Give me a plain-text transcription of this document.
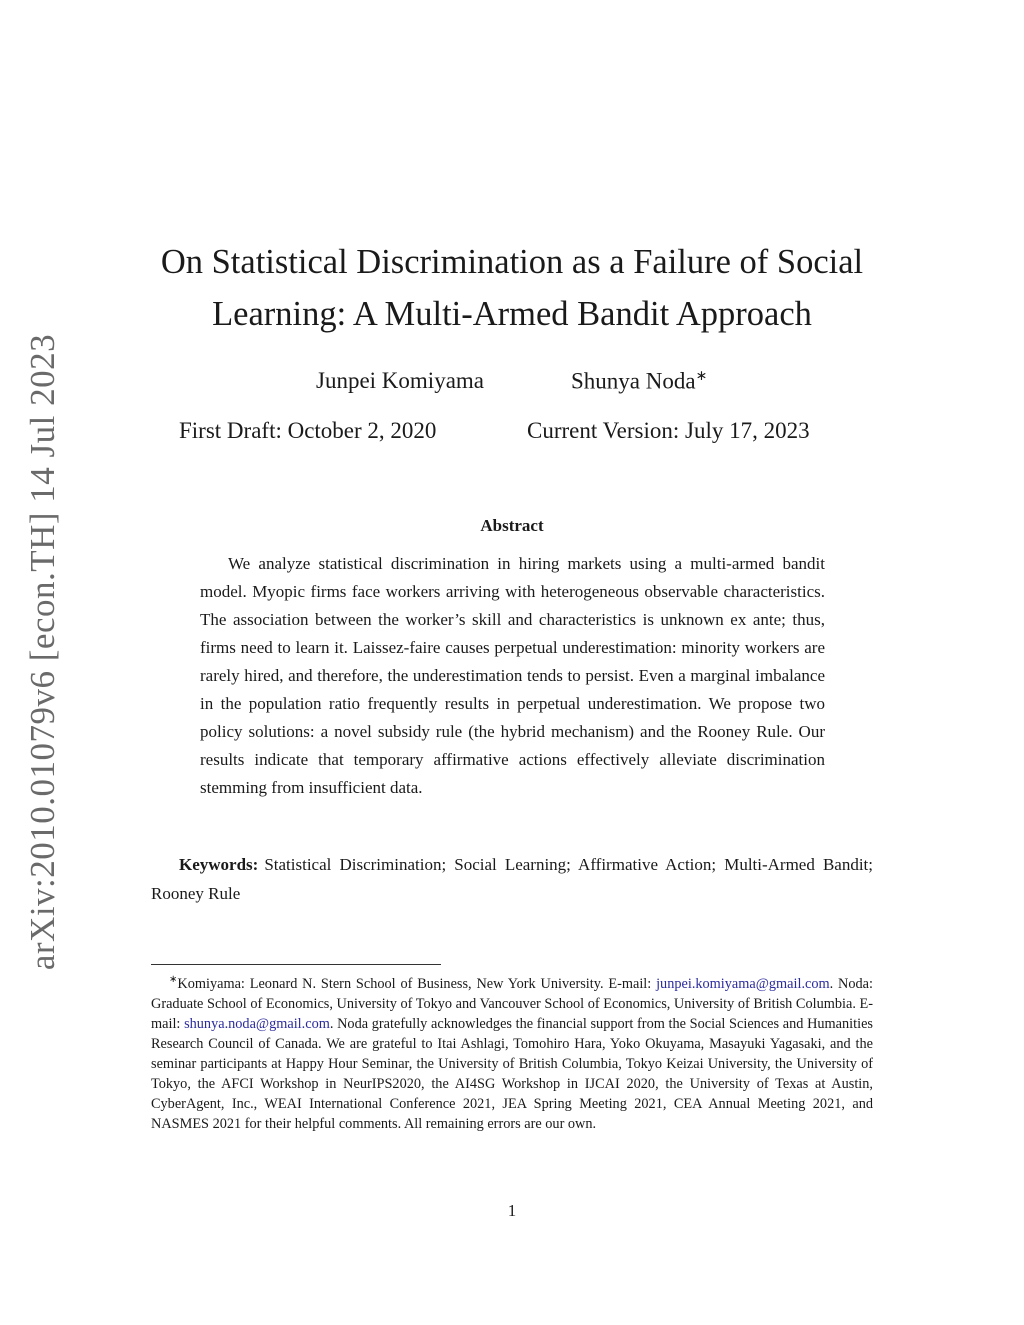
arXiv:2010.01079v6 [econ.TH] 14 Jul 2023
On Statistical Discrimination as a Failure of Social
Learning: A Multi-Armed Bandit Approach
Junpei Komiyama	Shunya Noda∗
First Draft: October 2, 2020	Current Version: July 17, 2023
Abstract
We analyze statistical discrimination in hiring markets using a multi-armed bandit model. Myopic firms face workers arriving with heterogeneous observable characteristics. The association between the worker’s skill and characteristics is unknown ex ante; thus, firms need to learn it. Laissez-faire causes perpetual underestimation: minority workers are rarely hired, and therefore, the underestimation tends to persist. Even a marginal imbalance in the population ratio frequently results in perpetual underestimation. We propose two policy solutions: a novel subsidy rule (the hybrid mechanism) and the Rooney Rule. Our results indicate that temporary affirmative actions effectively alleviate discrimination stemming from insufficient data.
Keywords: Statistical Discrimination; Social Learning; Affirmative Action; Multi-Armed Bandit; Rooney Rule
∗Komiyama: Leonard N. Stern School of Business, New York University. E-mail: junpei.komiyama@gmail.com. Noda: Graduate School of Economics, University of Tokyo and Vancouver School of Economics, University of British Columbia. E-mail: shunya.noda@gmail.com. Noda gratefully acknowledges the financial support from the Social Sciences and Humanities Research Council of Canada. We are grateful to Itai Ashlagi, Tomohiro Hara, Yoko Okuyama, Masayuki Yagasaki, and the seminar participants at Happy Hour Seminar, the University of British Columbia, Tokyo Keizai University, the University of Tokyo, the AFCI Workshop in NeurIPS2020, the AI4SG Workshop in IJCAI 2020, the University of Texas at Austin, CyberAgent, Inc., WEAI International Conference 2021, JEA Spring Meeting 2021, CEA Annual Meeting 2021, and NASMES 2021 for their helpful comments. All remaining errors are our own.
1
